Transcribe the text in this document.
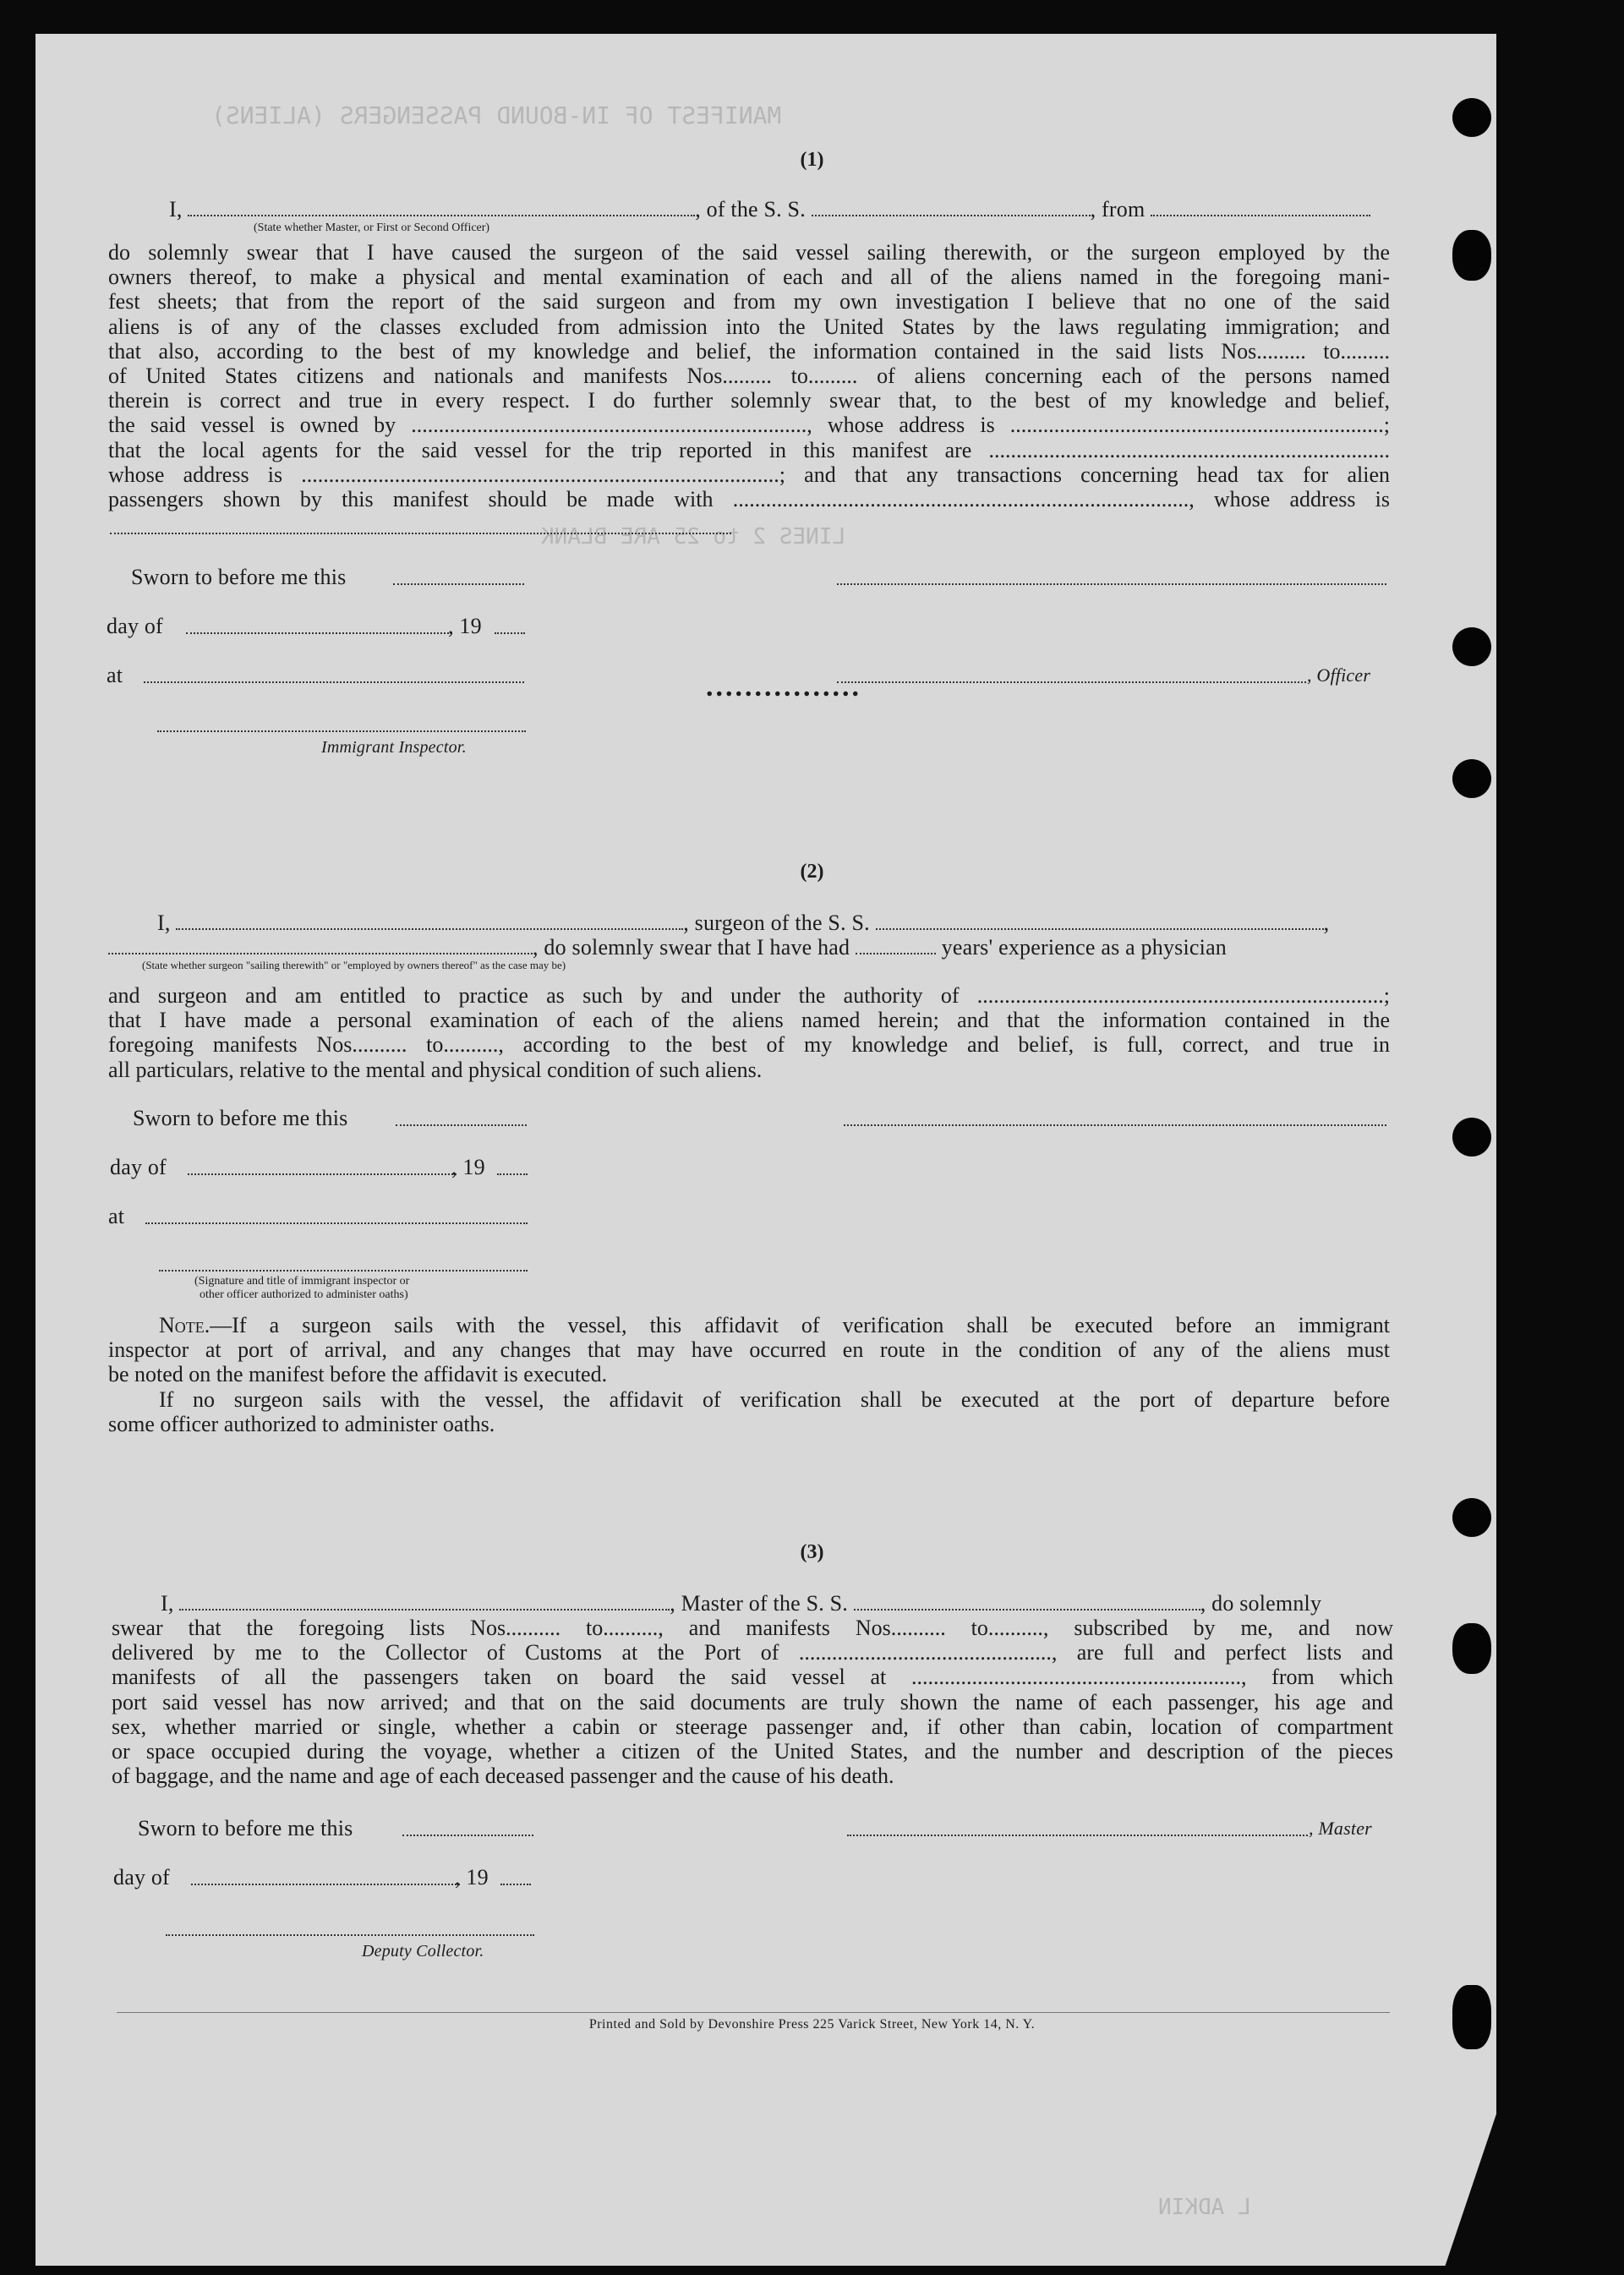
MANIFEST OF IN-BOUND PASSENGERS (ALIENS)
LINES 2 to 25 ARE BLANK
L ADKIN
(1)
I,	, of the S. S.	, from
(State whether Master, or First or Second Officer)
do solemnly swear that I have caused the surgeon of the said vessel sailing therewith, or the surgeon employed by the
owners thereof, to make a physical and mental examination of each and all of the aliens named in the foregoing mani-
fest sheets; that from the report of the said surgeon and from my own investigation I believe that no one of the said
aliens is of any of the classes excluded from admission into the United States by the laws regulating immigration; and
that also, according to the best of my knowledge and belief, the information contained in the said lists Nos......... to.........
of United States citizens and nationals and manifests Nos......... to......... of aliens concerning each of the persons named
therein is correct and true in every respect. I do further solemnly swear that, to the best of my knowledge and belief,
the said vessel is owned by ........................................................................, whose address is ....................................................................;
that the local agents for the said vessel for the trip reported in this manifest are .........................................................................
whose address is .......................................................................................; and that any transactions concerning head tax for alien
passengers shown by this manifest should be made with ..................................................................................., whose address is
Sworn to before me this
day of	, 19
at	, Officer
................
Immigrant Inspector.
(2)
I,	, surgeon of the S. S.	,
, do solemnly swear that I have had	years' experience as a physician
(State whether surgeon "sailing therewith" or "employed by owners thereof" as the case may be)
and surgeon and am entitled to practice as such by and under the authority of ..........................................................................;
that I have made a personal examination of each of the aliens named herein; and that the information contained in the
foregoing manifests Nos.......... to.........., according to the best of my knowledge and belief, is full, correct, and true in
all particulars, relative to the mental and physical condition of such aliens.
Sworn to before me this
day of	, 19
at
(Signature and title of immigrant inspector or
other officer authorized to administer oaths)
Note.—If a surgeon sails with the vessel, this affidavit of verification shall be executed before an immigrant
inspector at port of arrival, and any changes that may have occurred en route in the condition of any of the aliens must
be noted on the manifest before the affidavit is executed.
If no surgeon sails with the vessel, the affidavit of verification shall be executed at the port of departure before
some officer authorized to administer oaths.
(3)
I,	, Master of the S. S.	, do solemnly
swear that the foregoing lists Nos.......... to.........., and manifests Nos.......... to.........., subscribed by me, and now
delivered by me to the Collector of Customs at the Port of .............................................., are full and perfect lists and
manifests of all the passengers taken on board the said vessel at ............................................................, from which
port said vessel has now arrived; and that on the said documents are truly shown the name of each passenger, his age and
sex, whether married or single, whether a cabin or steerage passenger and, if other than cabin, location of compartment
or space occupied during the voyage, whether a citizen of the United States, and the number and description of the pieces
of baggage, and the name and age of each deceased passenger and the cause of his death.
Sworn to before me this	, Master
day of	, 19
Deputy Collector.
Printed and Sold by Devonshire Press 225 Varick Street, New York 14, N. Y.
